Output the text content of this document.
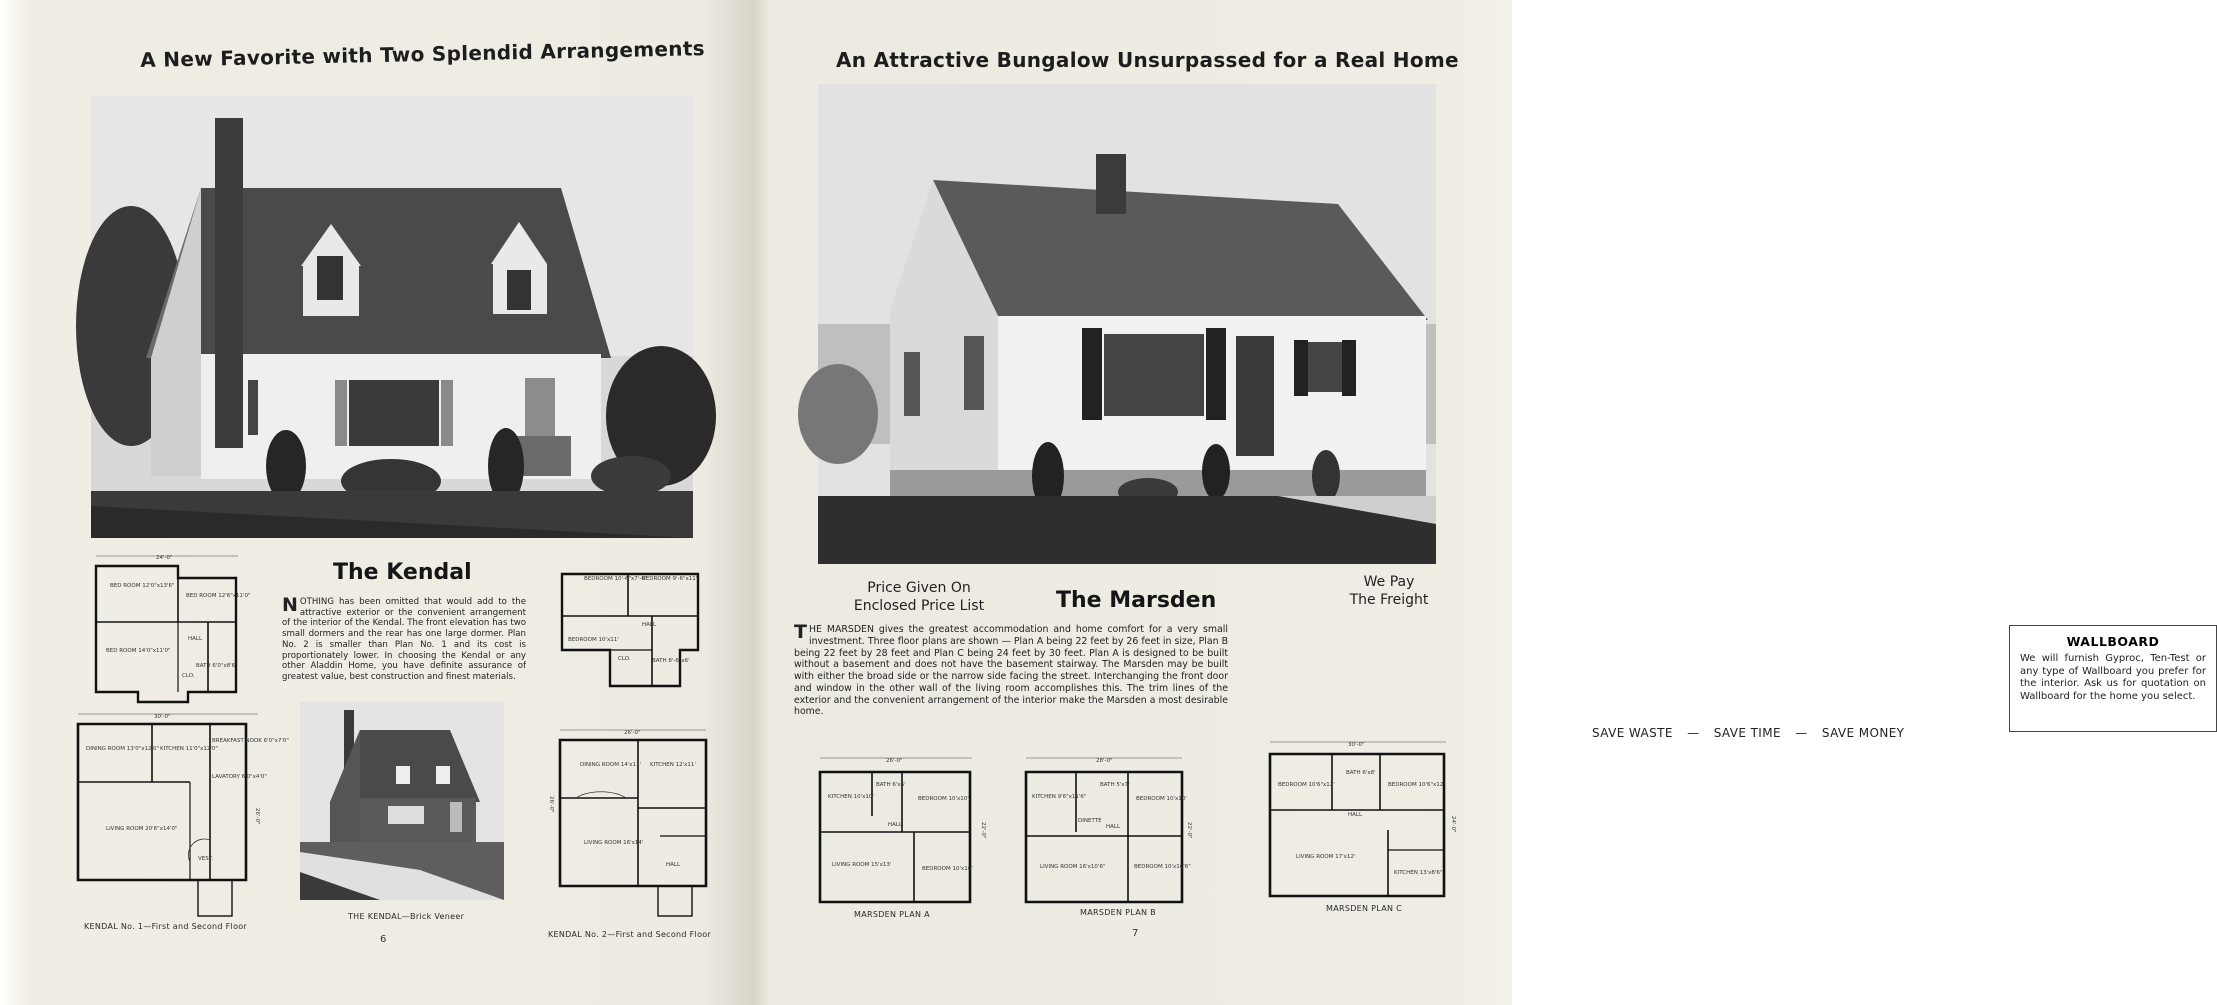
A New Favorite with Two Splendid Arrangements
24'-0"
BED ROOM 12'0"x13'6"
BED ROOM 12'6"x11'0"
BED ROOM 14'0"x11'0"
HALL
BATH 6'0"x8'6"
CLO.
30'-0"
26'-0"
DINING ROOM 13'0"x12'0" KITCHEN 11'0"x12'0"
BREAKFAST NOOK 6'0"x7'0"
LIVING ROOM 20'6"x14'0"
VEST.
LAVATORY 6'0"x4'0"
KENDAL No. 1—First and Second Floor
The Kendal
NOTHING has been omitted that would add to the attractive exterior or the convenient arrangement of the interior of the Kendal. The front elevation has two small dormers and the rear has one large dormer. Plan No. 2 is smaller than Plan No. 1 and its cost is proportionately lower. In choosing the Kendal or any other Aladdin Home, you have definite assurance of greatest value, best construction and finest materials.
BEDROOM 10'-6"x7'-6"
BEDROOM 9'-6"x11'
BEDROOM 10'x11'
BATH 8'-6"x6'
HALL
CLO.
THE KENDAL—Brick Veneer
26'-0"
26'-0"
DINING ROOM 14'x11' KITCHEN 12'x11'
LIVING ROOM 16'x14'
HALL
KENDAL No. 2—First and Second Floor
6
An Attractive Bungalow Unsurpassed for a Real Home
Price Given On
Enclosed Price List	The Marsden
We Pay
The Freight
THE MARSDEN gives the greatest accommodation and home comfort for a very small investment. Three floor plans are shown — Plan A being 22 feet by 26 feet in size, Plan B being 22 feet by 28 feet and Plan C being 24 feet by 30 feet. Plan A is designed to be built without a basement and does not have the basement stairway. The Marsden may be built with either the broad side or the narrow side facing the street. Interchanging the front door and window in the other wall of the living room accomplishes this. The trim lines of the exterior and the convenient arrangement of the interior make the Marsden a most desirable home.
SAVE WASTE — SAVE TIME — SAVE MONEY
26'-0"
22'-0"
KITCHEN 10'x10'
BATH 6'x6'
BEDROOM 10'x10'
HALL
LIVING ROOM 15'x13'
BEDROOM 10'x10'
MARSDEN PLAN A
28'-0"
22'-0"
KITCHEN 9'6"x11'6"
BATH 5'x7'
BEDROOM 10'x10'
HALL
DINETTE
LIVING ROOM 16'x10'6"	BEDROOM 10'x10'6"
MARSDEN PLAN B
WALLBOARD
We will furnish Gyproc, Ten-Test or any type of Wallboard you prefer for the interior. Ask us for quotation on Wallboard for the home you select.
30'-0"
24'-0"
BEDROOM 10'6"x12'
BATH 6'x8'
BEDROOM 10'6"x12'
HALL
LIVING ROOM 17'x12'
KITCHEN 13'x8'6"
MARSDEN PLAN C
7
